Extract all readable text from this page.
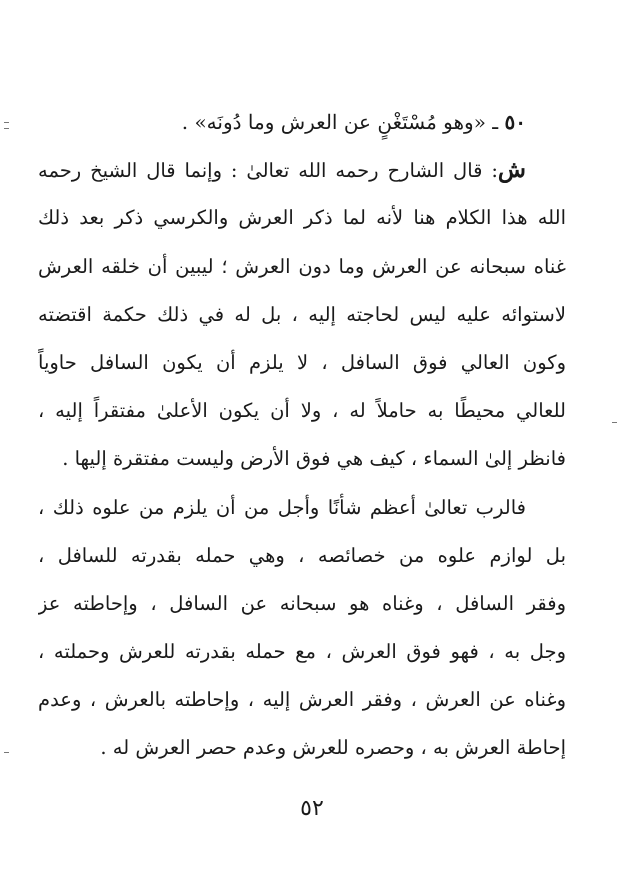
٥٠ ـ «وهو مُسْتَغْنٍ عن العرش وما دُونَه» .
ش: قال الشارح رحمه الله تعالىٰ : وإنما قال الشيخ رحمه
الله هذا الكلام هنا لأنه لما ذكر العرش والكرسي ذكر بعد ذلك
غناه سبحانه عن العرش وما دون العرش ؛ ليبين أن خلقه العرش
لاستوائه عليه ليس لحاجته إليه ، بل له في ذلك حكمة اقتضته
وكون العالي فوق السافل ، لا يلزم أن يكون السافل حاوياً
للعالي محيطًا به حاملاً له ، ولا أن يكون الأعلىٰ مفتقراً إليه ،
فانظر إلىٰ السماء ، كيف هي فوق الأرض وليست مفتقرة إليها .
فالرب تعالىٰ أعظم شأنًا وأجل من أن يلزم من علوه ذلك ،
بل لوازم علوه من خصائصه ، وهي حمله بقدرته للسافل ،
وفقر السافل ، وغناه هو سبحانه عن السافل ، وإحاطته عز
وجل به ، فهو فوق العرش ، مع حمله بقدرته للعرش وحملته ،
وغناه عن العرش ، وفقر العرش إليه ، وإحاطته بالعرش ، وعدم
إحاطة العرش به ، وحصره للعرش وعدم حصر العرش له .
٥٢
